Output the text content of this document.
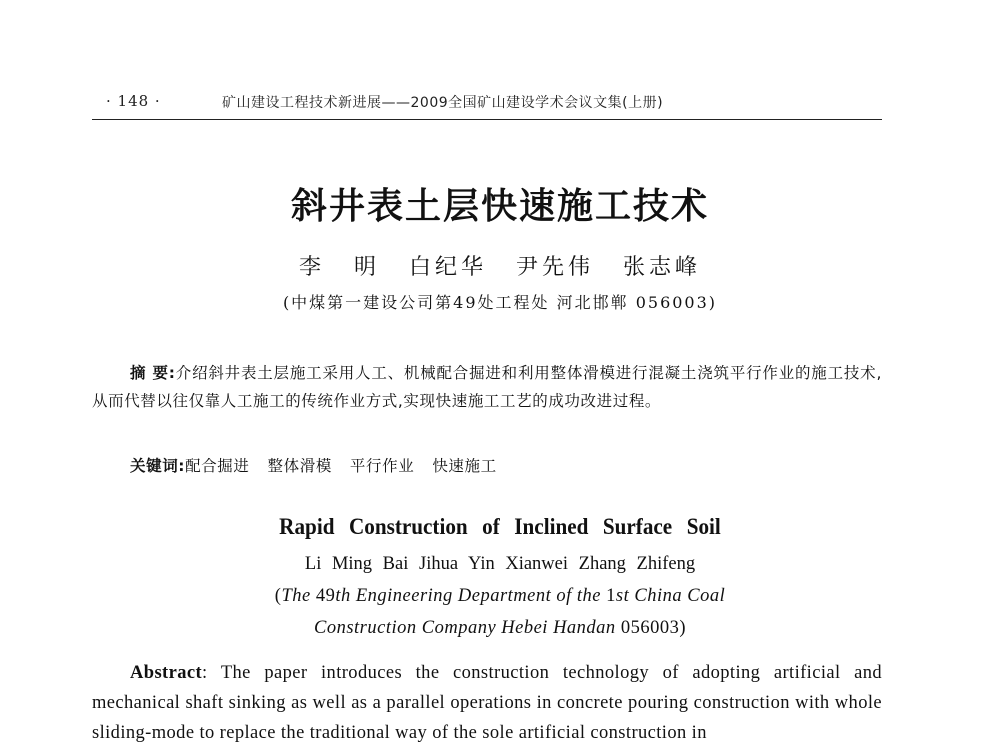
· 148 ·	矿山建设工程技术新进展——2009全国矿山建设学术会议文集(上册)
斜井表土层快速施工技术
李 明 白纪华 尹先伟 张志峰
(中煤第一建设公司第49处工程处 河北邯郸 056003)
摘 要:介绍斜井表土层施工采用人工、机械配合掘进和利用整体滑模进行混凝土浇筑平行作业的施工技术,从而代替以往仅靠人工施工的传统作业方式,实现快速施工工艺的成功改进过程。
关键词:配合掘进 整体滑模 平行作业 快速施工
Rapid Construction of Inclined Surface Soil
Li Ming Bai Jihua Yin Xianwei Zhang Zhifeng
(The 49th Engineering Department of the 1st China Coal
Construction Company Hebei Handan 056003)
Abstract: The paper introduces the construction technology of adopting artificial and mechanical shaft sinking as well as a parallel operations in concrete pouring construction with whole sliding-mode to replace the traditional way of the sole artificial construction in
